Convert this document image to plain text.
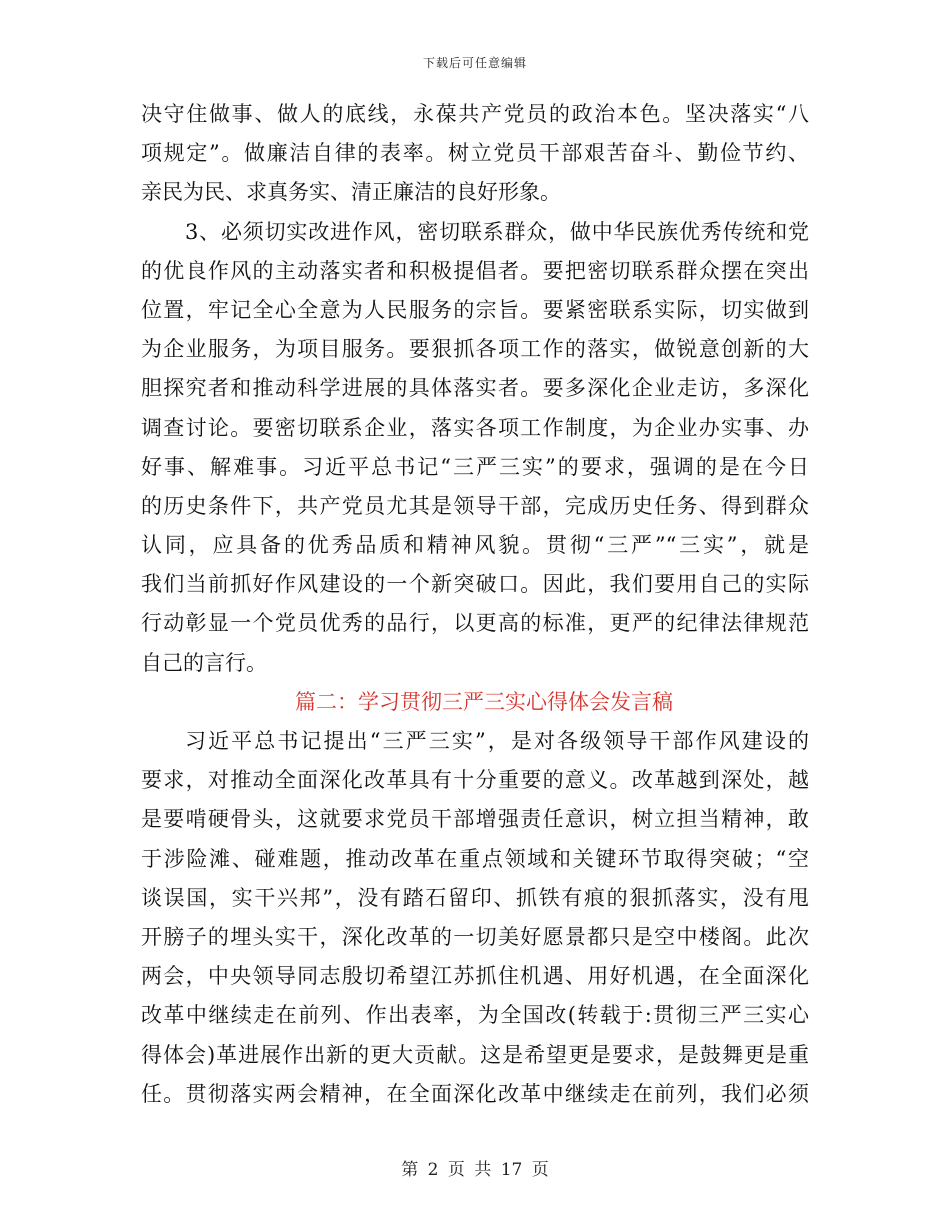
下载后可任意编辑
决守住做事、做人的底线，永葆共产党员的政治本色。坚决落实“八
项规定”。做廉洁自律的表率。树立党员干部艰苦奋斗、勤俭节约、
亲民为民、求真务实、清正廉洁的良好形象。
3、必须切实改进作风，密切联系群众，做中华民族优秀传统和党
的优良作风的主动落实者和积极提倡者。要把密切联系群众摆在突出
位置，牢记全心全意为人民服务的宗旨。要紧密联系实际，切实做到
为企业服务，为项目服务。要狠抓各项工作的落实，做锐意创新的大
胆探究者和推动科学进展的具体落实者。要多深化企业走访，多深化
调查讨论。要密切联系企业，落实各项工作制度，为企业办实事、办
好事、解难事。习近平总书记“三严三实”的要求，强调的是在今日
的历史条件下，共产党员尤其是领导干部，完成历史任务、得到群众
认同，应具备的优秀品质和精神风貌。贯彻“三严”“三实”，就是
我们当前抓好作风建设的一个新突破口。因此，我们要用自己的实际
行动彰显一个党员优秀的品行，以更高的标准，更严的纪律法律规范
自己的言行。
篇二：学习贯彻三严三实心得体会发言稿
习近平总书记提出“三严三实”，是对各级领导干部作风建设的
要求，对推动全面深化改革具有十分重要的意义。改革越到深处，越
是要啃硬骨头，这就要求党员干部增强责任意识，树立担当精神，敢
于涉险滩、碰难题，推动改革在重点领域和关键环节取得突破；“空
谈误国，实干兴邦”，没有踏石留印、抓铁有痕的狠抓落实，没有甩
开膀子的埋头实干，深化改革的一切美好愿景都只是空中楼阁。此次
两会，中央领导同志殷切希望江苏抓住机遇、用好机遇，在全面深化
改革中继续走在前列、作出表率，为全国改(转载于:贯彻三严三实心
得体会)革进展作出新的更大贡献。这是希望更是要求，是鼓舞更是重
任。贯彻落实两会精神，在全面深化改革中继续走在前列，我们必须
第 2 页 共 17 页
